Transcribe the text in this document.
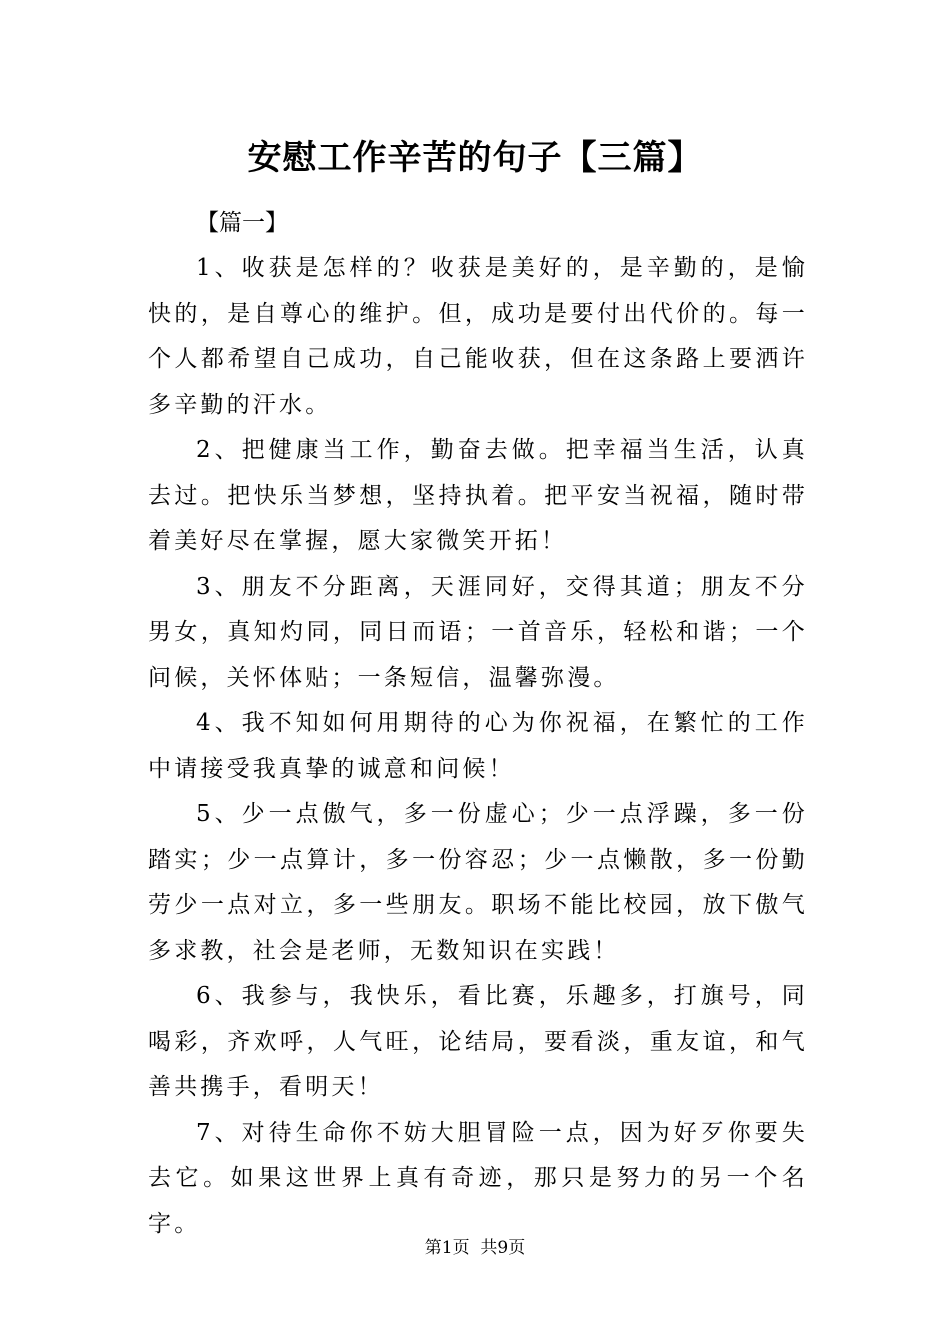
安慰工作辛苦的句子【三篇】
【篇一】

1、收获是怎样的？收获是美好的，是辛勤的，是愉快的，是自尊心的维护。但，成功是要付出代价的。每一个人都希望自己成功，自己能收获，但在这条路上要洒许多辛勤的汗水。

2、把健康当工作，勤奋去做。把幸福当生活，认真去过。把快乐当梦想，坚持执着。把平安当祝福，随时带着美好尽在掌握，愿大家微笑开拓！

3、朋友不分距离，天涯同好，交得其道；朋友不分男女，真知灼同，同日而语；一首音乐，轻松和谐；一个问候，关怀体贴；一条短信，温馨弥漫。

4、我不知如何用期待的心为你祝福，在繁忙的工作中请接受我真挚的诚意和问候！

5、少一点傲气，多一份虚心；少一点浮躁，多一份踏实；少一点算计，多一份容忍；少一点懒散，多一份勤劳少一点对立，多一些朋友。职场不能比校园，放下傲气多求教，社会是老师，无数知识在实践！

6、我参与，我快乐，看比赛，乐趣多，打旗号，同喝彩，齐欢呼，人气旺，论结局，要看淡，重友谊，和气善共携手，看明天！

7、对待生命你不妨大胆冒险一点，因为好歹你要失去它。如果这世界上真有奇迹，那只是努力的另一个名字。

第1页  共9页
